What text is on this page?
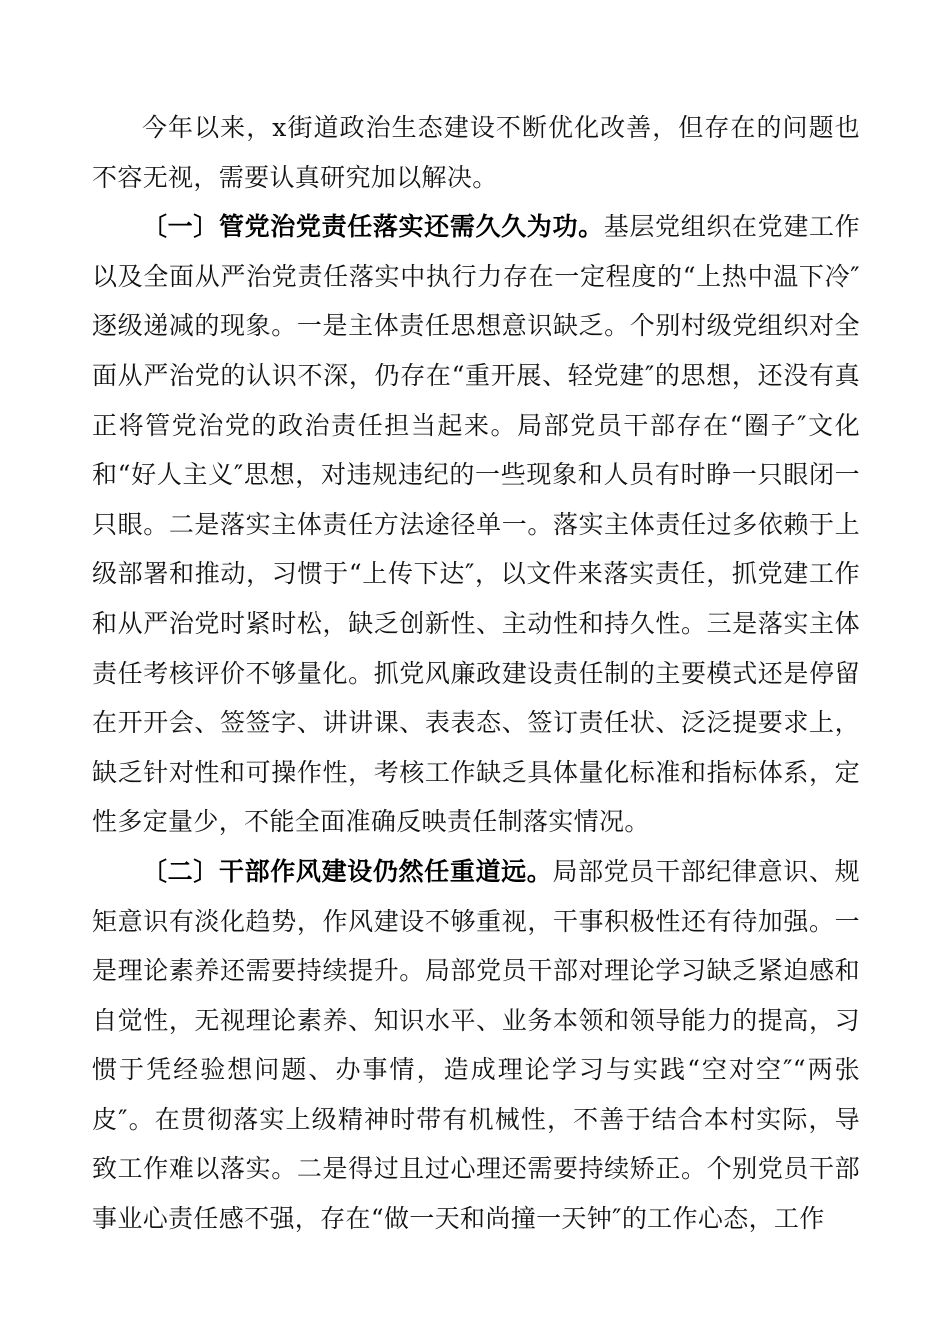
今年以来，x街道政治生态建设不断优化改善，但存在的问题也不容无视，需要认真研究加以解决。

〔一〕管党治党责任落实还需久久为功。基层党组织在党建工作以及全面从严治党责任落实中执行力存在一定程度的“上热中温下冷″逐级递减的现象。一是主体责任思想意识缺乏。个别村级党组织对全面从严治党的认识不深，仍存在“重开展、轻党建″的思想，还没有真正将管党治党的政治责任担当起来。局部党员干部存在“圈子″文化和“好人主义″思想，对违规违纪的一些现象和人员有时睁一只眼闭一只眼。二是落实主体责任方法途径单一。落实主体责任过多依赖于上级部署和推动，习惯于“上传下达″，以文件来落实责任，抓党建工作和从严治党时紧时松，缺乏创新性、主动性和持久性。三是落实主体责任考核评价不够量化。抓党风廉政建设责任制的主要模式还是停留在开开会、签签字、讲讲课、表表态、签订责任状、泛泛提要求上，缺乏针对性和可操作性，考核工作缺乏具体量化标准和指标体系，定性多定量少，不能全面准确反映责任制落实情况。

〔二〕干部作风建设仍然任重道远。局部党员干部纪律意识、规矩意识有淡化趋势，作风建设不够重视，干事积极性还有待加强。一是理论素养还需要持续提升。局部党员干部对理论学习缺乏紧迫感和自觉性，无视理论素养、知识水平、业务本领和领导能力的提高，习惯于凭经验想问题、办事情，造成理论学习与实践“空对空″“两张皮″。在贯彻落实上级精神时带有机械性，不善于结合本村实际，导致工作难以落实。二是得过且过心理还需要持续矫正。个别党员干部事业心责任感不强，存在“做一天和尚撞一天钟″的工作心态，工作
